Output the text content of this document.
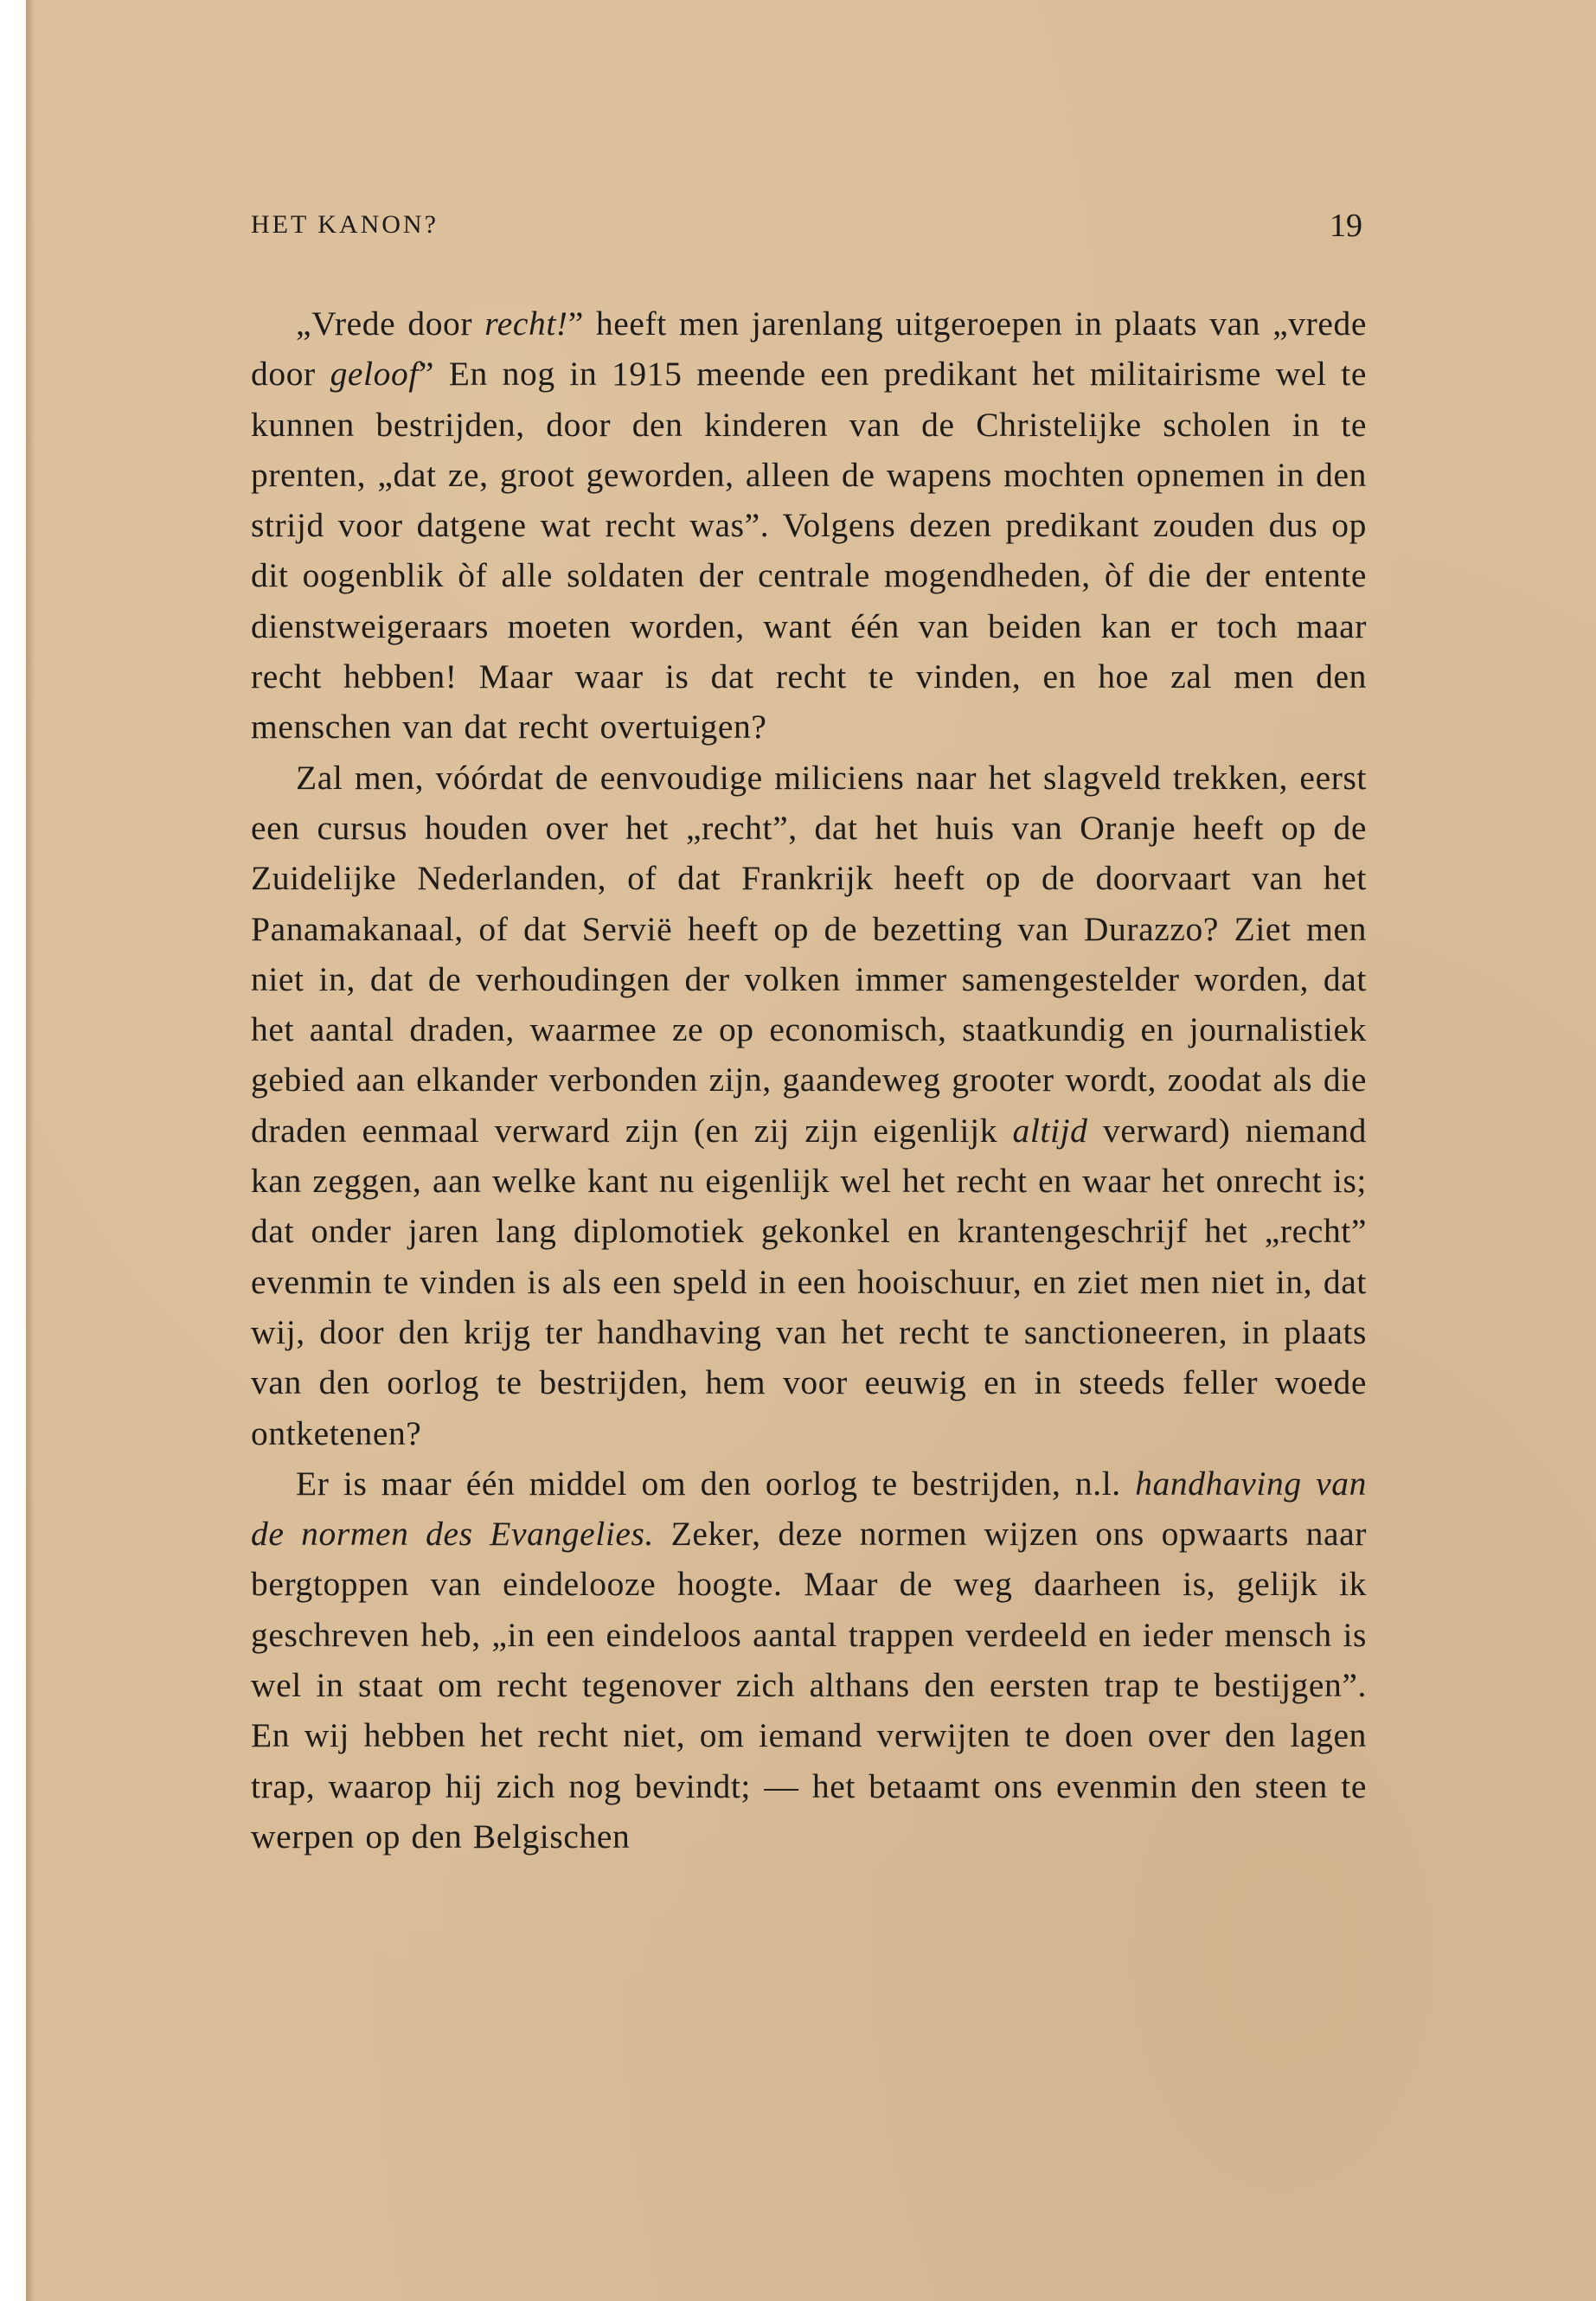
HET KANON?	19

„Vrede door recht!” heeft men jarenlang uitgeroepen in plaats van „vrede door geloof” En nog in 1915 meende een predikant het militairisme wel te kunnen bestrijden, door den kinderen van de Christelijke scholen in te prenten, „dat ze, groot geworden, alleen de wapens mochten opnemen in den strijd voor datgene wat recht was”. Volgens dezen predikant zouden dus op dit oogenblik òf alle soldaten der centrale mogendheden, òf die der entente dienstweigeraars moeten worden, want één van beiden kan er toch maar recht hebben! Maar waar is dat recht te vinden, en hoe zal men den menschen van dat recht overtuigen?

Zal men, vóórdat de eenvoudige miliciens naar het slagveld trekken, eerst een cursus houden over het „recht”, dat het huis van Oranje heeft op de Zuidelijke Nederlanden, of dat Frankrijk heeft op de doorvaart van het Panamakanaal, of dat Servië heeft op de bezetting van Durazzo? Ziet men niet in, dat de verhoudingen der volken immer samengestelder worden, dat het aantal draden, waarmee ze op economisch, staatkundig en journalistiek gebied aan elkander verbonden zijn, gaandeweg grooter wordt, zoodat als die draden eenmaal verward zijn (en zij zijn eigenlijk altijd verward) niemand kan zeggen, aan welke kant nu eigenlijk wel het recht en waar het onrecht is; dat onder jaren lang diplomotiek gekonkel en krantengeschrijf het „recht” evenmin te vinden is als een speld in een hooischuur, en ziet men niet in, dat wij, door den krijg ter handhaving van het recht te sanctioneeren, in plaats van den oorlog te bestrijden, hem voor eeuwig en in steeds feller woede ontketenen?

Er is maar één middel om den oorlog te bestrijden, n.l. handhaving van de normen des Evangelies. Zeker, deze normen wijzen ons opwaarts naar bergtoppen van eindelooze hoogte. Maar de weg daarheen is, gelijk ik geschreven heb, „in een eindeloos aantal trappen verdeeld en ieder mensch is wel in staat om recht tegenover zich althans den eersten trap te bestijgen”. En wij hebben het recht niet, om iemand verwijten te doen over den lagen trap, waarop hij zich nog bevindt; — het betaamt ons evenmin den steen te werpen op den Belgischen
